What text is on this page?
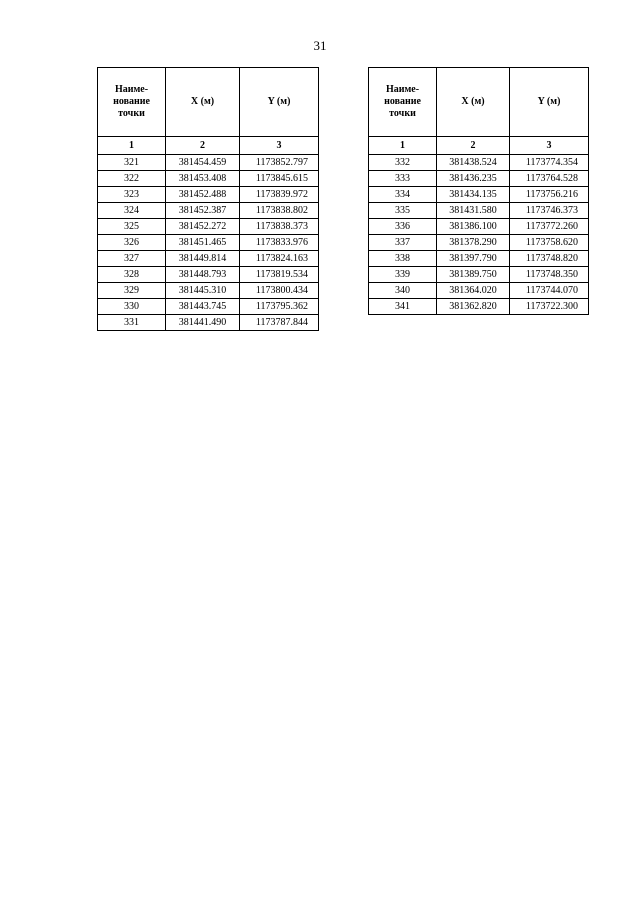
31
Наиме-
нование
точки	X (м)	Y (м)
1	2	3
321	381454.459	1173852.797
322	381453.408	1173845.615
323	381452.488	1173839.972
324	381452.387	1173838.802
325	381452.272	1173838.373
326	381451.465	1173833.976
327	381449.814	1173824.163
328	381448.793	1173819.534
329	381445.310	1173800.434
330	381443.745	1173795.362
331	381441.490	1173787.844
Наиме-
нование
точки	X (м)	Y (м)
1	2	3
332	381438.524	1173774.354
333	381436.235	1173764.528
334	381434.135	1173756.216
335	381431.580	1173746.373
336	381386.100	1173772.260
337	381378.290	1173758.620
338	381397.790	1173748.820
339	381389.750	1173748.350
340	381364.020	1173744.070
341	381362.820	1173722.300
